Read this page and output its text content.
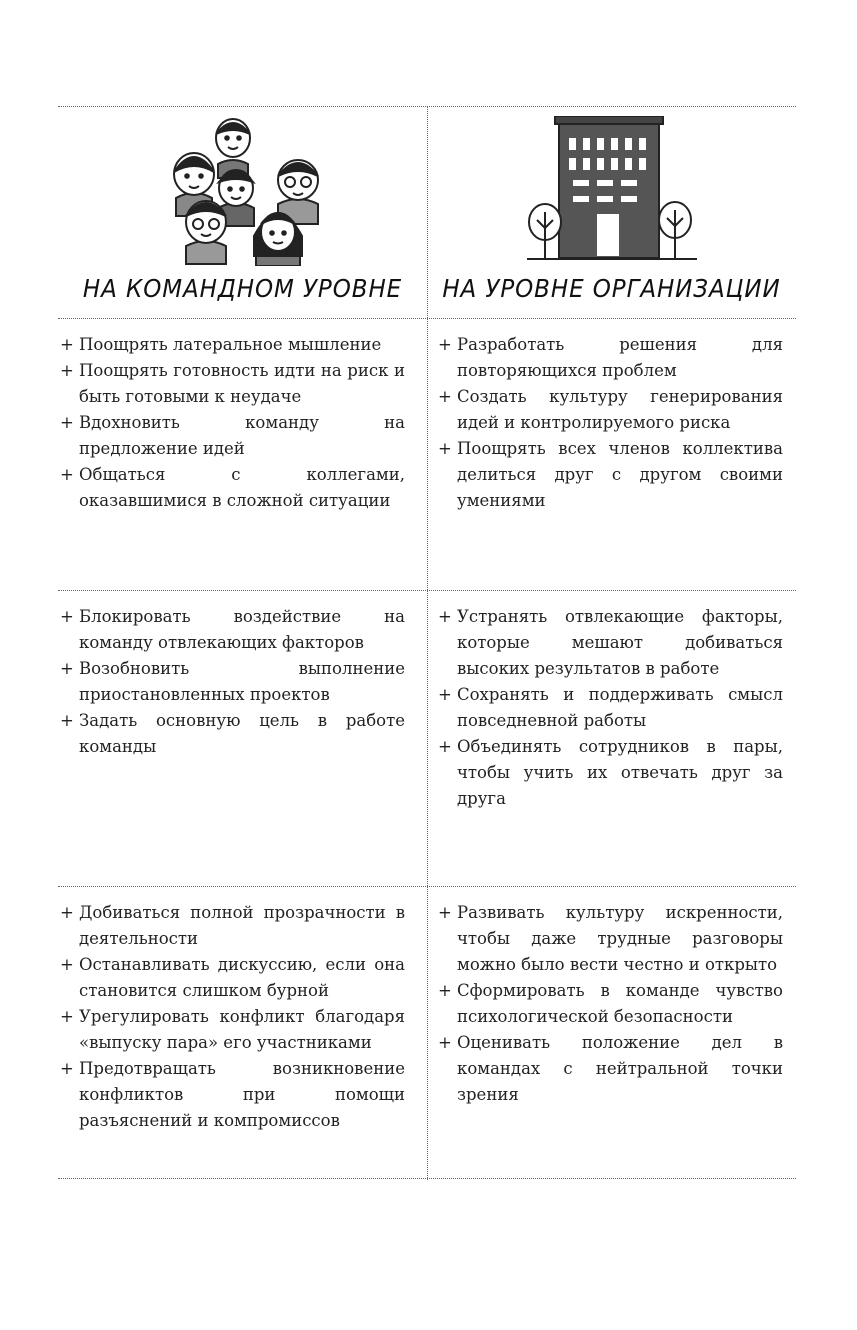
НА КОМАНДНОМ УРОВНЕ	НА УРОВНЕ ОРГАНИЗАЦИИ
+ Поощрять латеральное мышление
+ Поощрять готовность идти на риск и быть готовыми к неудаче
+ Вдохновить команду на предложение идей
+ Общаться с коллегами, оказавшимися в сложной ситуации
+ Разработать решения для повторяющихся проблем
+ Создать культуру генерирования идей и контролируемого риска
+ Поощрять всех членов коллектива делиться друг с другом своими умениями
+ Блокировать воздействие на команду отвлекающих факторов
+ Возобновить выполнение приостановленных проектов
+ Задать основную цель в работе команды
+ Устранять отвлекающие факторы, которые мешают добиваться высоких результатов в работе
+ Сохранять и поддерживать смысл повседневной работы
+ Объединять сотрудников в пары, чтобы учить их отвечать друг за друга
+ Добиваться полной прозрачности в деятельности
+ Останавливать дискуссию, если она становится слишком бурной
+ Урегулировать конфликт благодаря «выпуску пара» его участниками
+ Предотвращать возникновение конфликтов при помощи разъяснений и компромиссов
+ Развивать культуру искренности, чтобы даже трудные разговоры можно было вести честно и открыто
+ Сформировать в команде чувство психологической безопасности
+ Оценивать положение дел в командах с нейтральной точки зрения
